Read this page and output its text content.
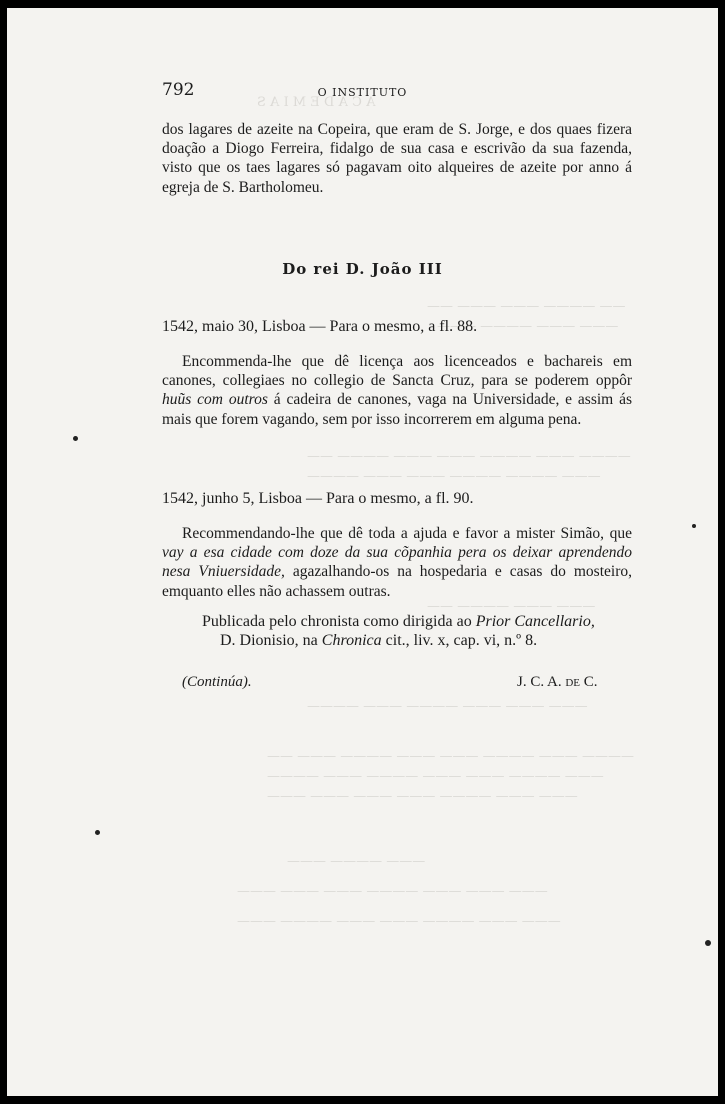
A C A D E M I A S
—— ———— ——— ——— ——
——— ——— ———— ———
———— ——— ———— ——— ——— ———— ——
——— ———— ———— ——— ——— ————
——— ——— ———— ——
——— ——— ——— ———— ——— ————
———— ——— ———— ——— ——— ———— ——— ——
——— ———— ——— ——— ———— ——— ————
——— ——— ———— ——— ——— ——— ———
——— ———— ———
——— ——— ——— ———— ——— ——— ———
——— ——— ———— ——— ——— ———— ———
792	O INSTITUTO

dos lagares de azeite na Copeira, que eram de S. Jorge, e dos quaes fizera doação a Diogo Ferreira, fidalgo de sua casa e escrivão da sua fazenda, visto que os taes lagares só pagavam oito alqueires de azeite por anno á egreja de S. Bartholomeu.

Do rei D. João III
1542, maio 30, Lisboa — Para o mesmo, a fl. 88.

Encommenda-lhe que dê licença aos licenceados e bachareis em canones, collegiaes no collegio de Sancta Cruz, para se poderem oppôr huũs com outros á cadeira de canones, vaga na Universidade, e assim ás mais que forem vagando, sem por isso incorrerem em alguma pena.

1542, junho 5, Lisboa — Para o mesmo, a fl. 90.

Recommendando-lhe que dê toda a ajuda e favor a mister Simão, que vay a esa cidade com doze da sua cõpanhia pera os deixar aprendendo nesa Vniuersidade, agazalhando-os na hospedaria e casas do mosteiro, emquanto elles não achassem outras.

Publicada pelo chronista como dirigida ao Prior Cancellario,
D. Dionisio, na Chronica cit., liv. x, cap. vi, n.º 8.
(Continúa).	J. C. A. de C.
